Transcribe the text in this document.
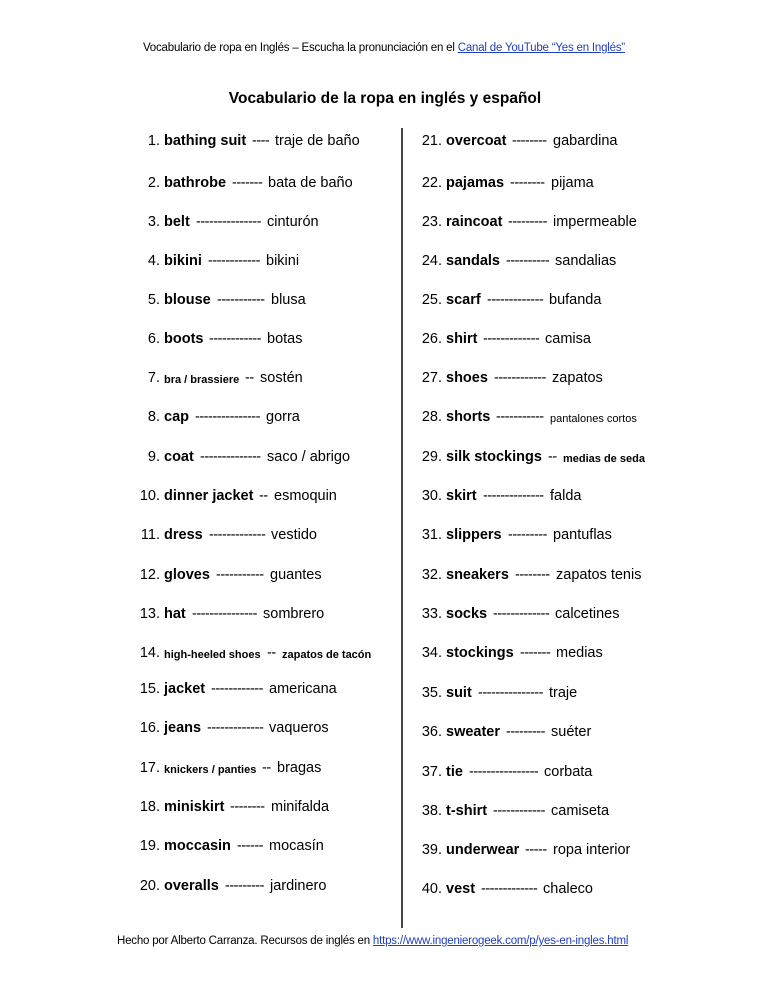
Vocabulario de ropa en Inglés – Escucha la pronunciación en el Canal de YouTube “Yes en Inglés”
Vocabulario de la ropa en inglés y español
1. bathing suit ---- traje de baño
2. bathrobe ------- bata de baño
3. belt --------------- cinturón
4. bikini ------------ bikini
5. blouse ----------- blusa
6. boots ------------ botas
7. bra / brassiere -- sostén
8. cap --------------- gorra
9. coat -------------- saco / abrigo
10. dinner jacket -- esmoquin
11. dress ------------- vestido
12. gloves ----------- guantes
13. hat --------------- sombrero
14. high-heeled shoes -- zapatos de tacón
15. jacket ------------ americana
16. jeans ------------- vaqueros
17. knickers / panties -- bragas
18. miniskirt -------- minifalda
19. moccasin ------ mocasín
20. overalls --------- jardinero
21. overcoat -------- gabardina
22. pajamas -------- pijama
23. raincoat --------- impermeable
24. sandals ---------- sandalias
25. scarf ------------- bufanda
26. shirt ------------- camisa
27. shoes ------------ zapatos
28. shorts ----------- pantalones cortos
29. silk stockings -- medias de seda
30. skirt -------------- falda
31. slippers --------- pantuflas
32. sneakers -------- zapatos tenis
33. socks ------------- calcetines
34. stockings ------- medias
35. suit --------------- traje
36. sweater --------- suéter
37. tie ---------------- corbata
38. t-shirt ------------ camiseta
39. underwear ----- ropa interior
40. vest ------------- chaleco
Hecho por Alberto Carranza. Recursos de inglés en https://www.ingenierogeek.com/p/yes-en-ingles.html
